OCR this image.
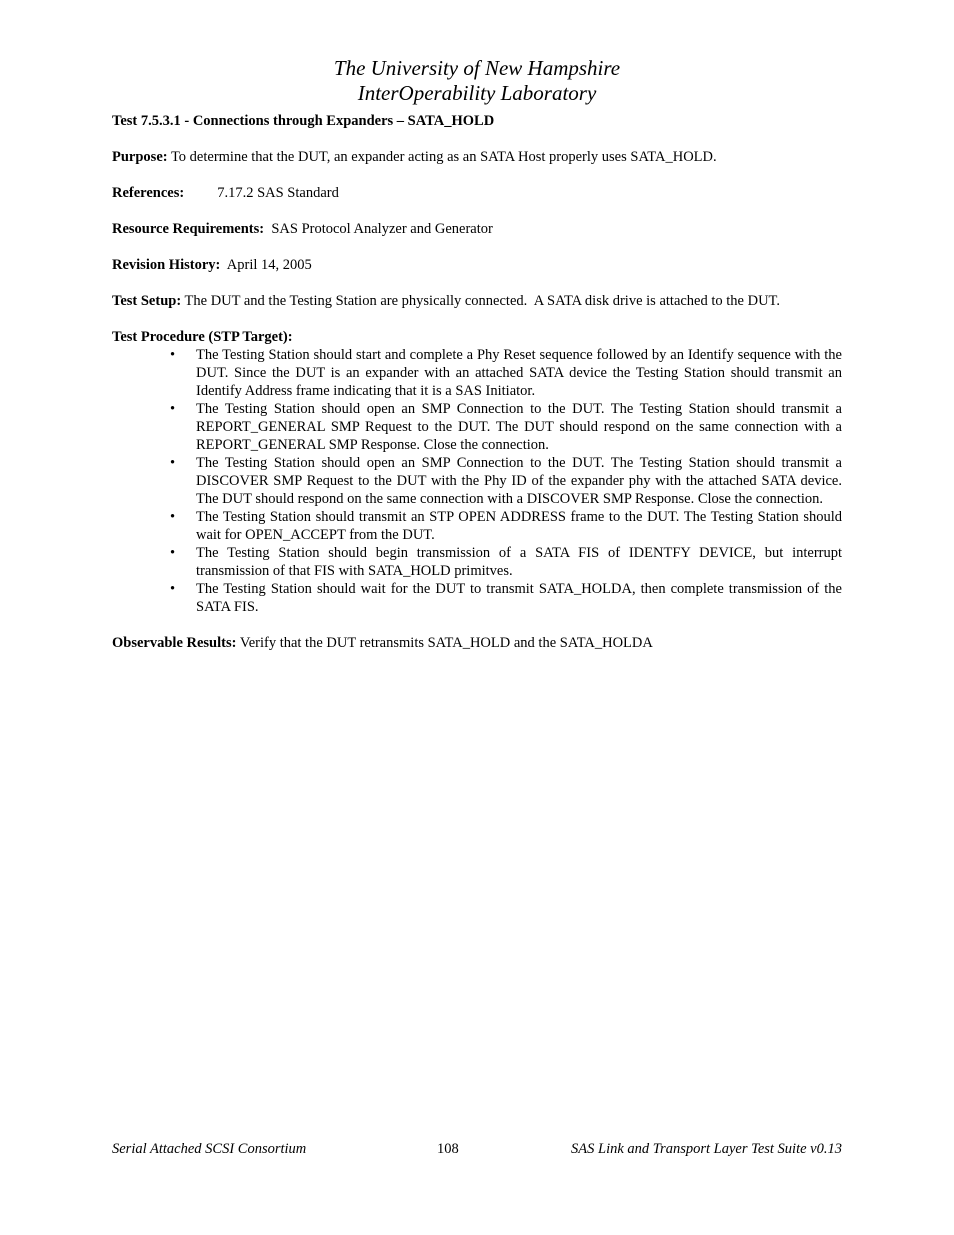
The University of New Hampshire
InterOperability Laboratory

Test 7.5.3.1 - Connections through Expanders – SATA_HOLD

Purpose: To determine that the DUT, an expander acting as an SATA Host properly uses SATA_HOLD.

References: 7.17.2 SAS Standard

Resource Requirements:  SAS Protocol Analyzer and Generator

Revision History:  April 14, 2005

Test Setup: The DUT and the Testing Station are physically connected.  A SATA disk drive is attached to the DUT.

Test Procedure (STP Target):

• The Testing Station should start and complete a Phy Reset sequence followed by an Identify sequence with the DUT. Since the DUT is an expander with an attached SATA device the Testing Station should transmit an Identify Address frame indicating that it is a SAS Initiator.
• The Testing Station should open an SMP Connection to the DUT. The Testing Station should transmit a REPORT_GENERAL SMP Request to the DUT. The DUT should respond on the same connection with a REPORT_GENERAL SMP Response. Close the connection.
• The Testing Station should open an SMP Connection to the DUT. The Testing Station should transmit a DISCOVER SMP Request to the DUT with the Phy ID of the expander phy with the attached SATA device. The DUT should respond on the same connection with a DISCOVER SMP Response. Close the connection.
• The Testing Station should transmit an STP OPEN ADDRESS frame to the DUT. The Testing Station should wait for OPEN_ACCEPT from the DUT.
• The Testing Station should begin transmission of a SATA FIS of IDENTFY DEVICE, but interrupt transmission of that FIS with SATA_HOLD primitves.
• The Testing Station should wait for the DUT to transmit SATA_HOLDA, then complete transmission of the SATA FIS.

Observable Results: Verify that the DUT retransmits SATA_HOLD and the SATA_HOLDA

Serial Attached SCSI Consortium	108	SAS Link and Transport Layer Test Suite v0.13
